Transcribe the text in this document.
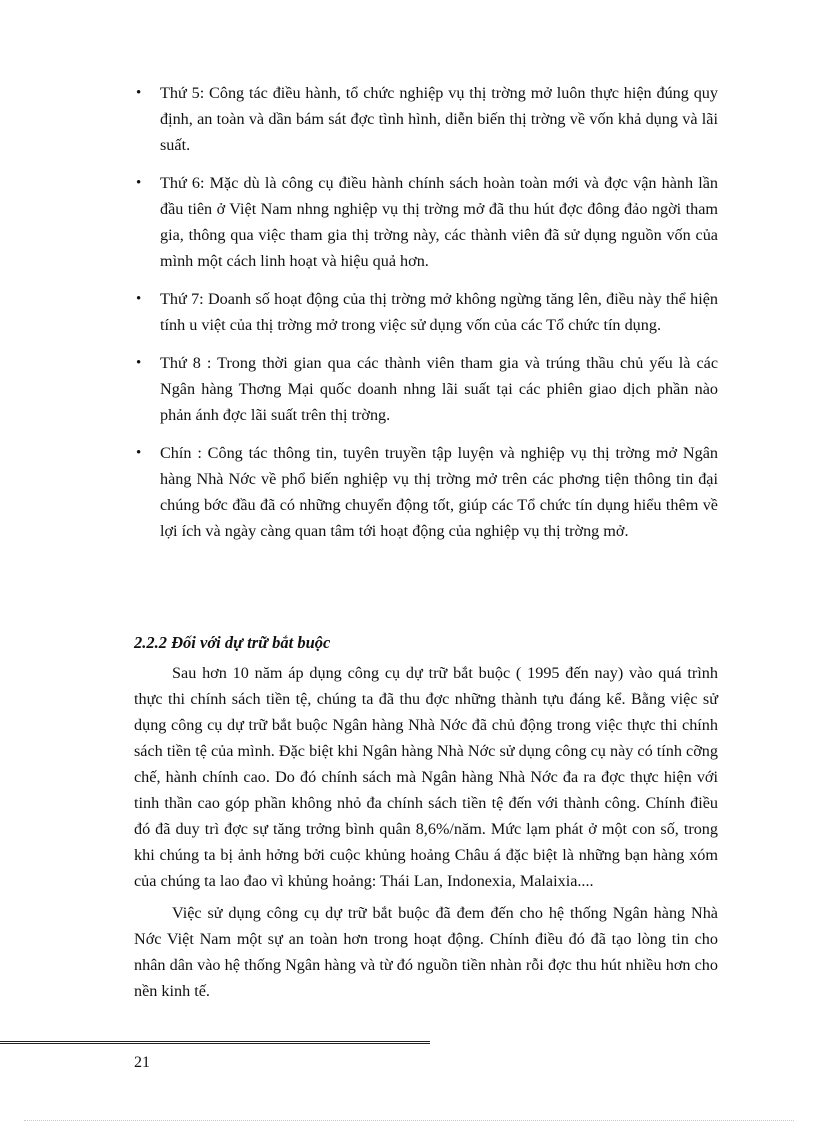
• Thứ 5: Công tác điều hành, tổ chức nghiệp vụ thị trờng mở luôn thực hiện đúng quy định, an toàn và dần bám sát đợc tình hình, diễn biến thị trờng về vốn khả dụng và lãi suất.
• Thứ 6: Mặc dù là công cụ điều hành chính sách hoàn toàn mới và đợc vận hành lần đầu tiên ở Việt Nam nhng nghiệp vụ thị trờng mở đã thu hút đợc đông đảo ngời tham gia, thông qua việc tham gia thị trờng này, các thành viên đã sử dụng nguồn vốn của mình một cách linh hoạt và hiệu quả hơn.
• Thứ 7: Doanh số hoạt động của thị trờng mở không ngừng tăng lên, điều này thể hiện tính u việt của thị trờng mở trong việc sử dụng vốn của các Tổ chức tín dụng.
• Thứ 8 : Trong thời gian qua các thành viên tham gia và trúng thầu chủ yếu là các Ngân hàng Thơng Mại quốc doanh nhng lãi suất tại các phiên giao dịch phần nào phản ánh đợc lãi suất trên thị trờng.
• Chín : Công tác thông tin, tuyên truyền tập luyện và nghiệp vụ thị trờng mở Ngân hàng Nhà Nớc về phổ biến nghiệp vụ thị trờng mở trên các phơng tiện thông tin đại chúng bớc đầu đã có những chuyển động tốt, giúp các Tổ chức tín dụng hiểu thêm về lợi ích và ngày càng quan tâm tới hoạt động của nghiệp vụ thị trờng mở.
2.2.2 Đối với dự trữ bắt buộc

Sau hơn 10 năm áp dụng công cụ dự trữ bắt buộc ( 1995 đến nay) vào quá trình thực thi chính sách tiền tệ, chúng ta đã thu đợc những thành tựu đáng kể. Bằng việc sử dụng công cụ dự trữ bắt buộc Ngân hàng Nhà Nớc đã chủ động trong việc thực thi chính sách tiền tệ của mình. Đặc biệt khi Ngân hàng Nhà Nớc sử dụng công cụ này có tính cỡng chế, hành chính cao. Do đó chính sách mà Ngân hàng Nhà Nớc đa ra đợc thực hiện với tinh thần cao góp phần không nhỏ đa chính sách tiền tệ đến với thành công. Chính điều đó đã duy trì đợc sự tăng trởng bình quân 8,6%/năm. Mức lạm phát ở một con số, trong khi chúng ta bị ảnh hởng bởi cuộc khủng hoảng Châu á đặc biệt là những bạn hàng xóm của chúng ta lao đao vì khủng hoảng: Thái Lan, Indonexia, Malaixia....

Việc sử dụng công cụ dự trữ bắt buộc đã đem đến cho hệ thống Ngân hàng Nhà Nớc Việt Nam một sự an toàn hơn trong hoạt động. Chính điều đó đã tạo lòng tin cho nhân dân vào hệ thống Ngân hàng và từ đó nguồn tiền nhàn rỗi đợc thu hút nhiều hơn cho nền kinh tế.

21
